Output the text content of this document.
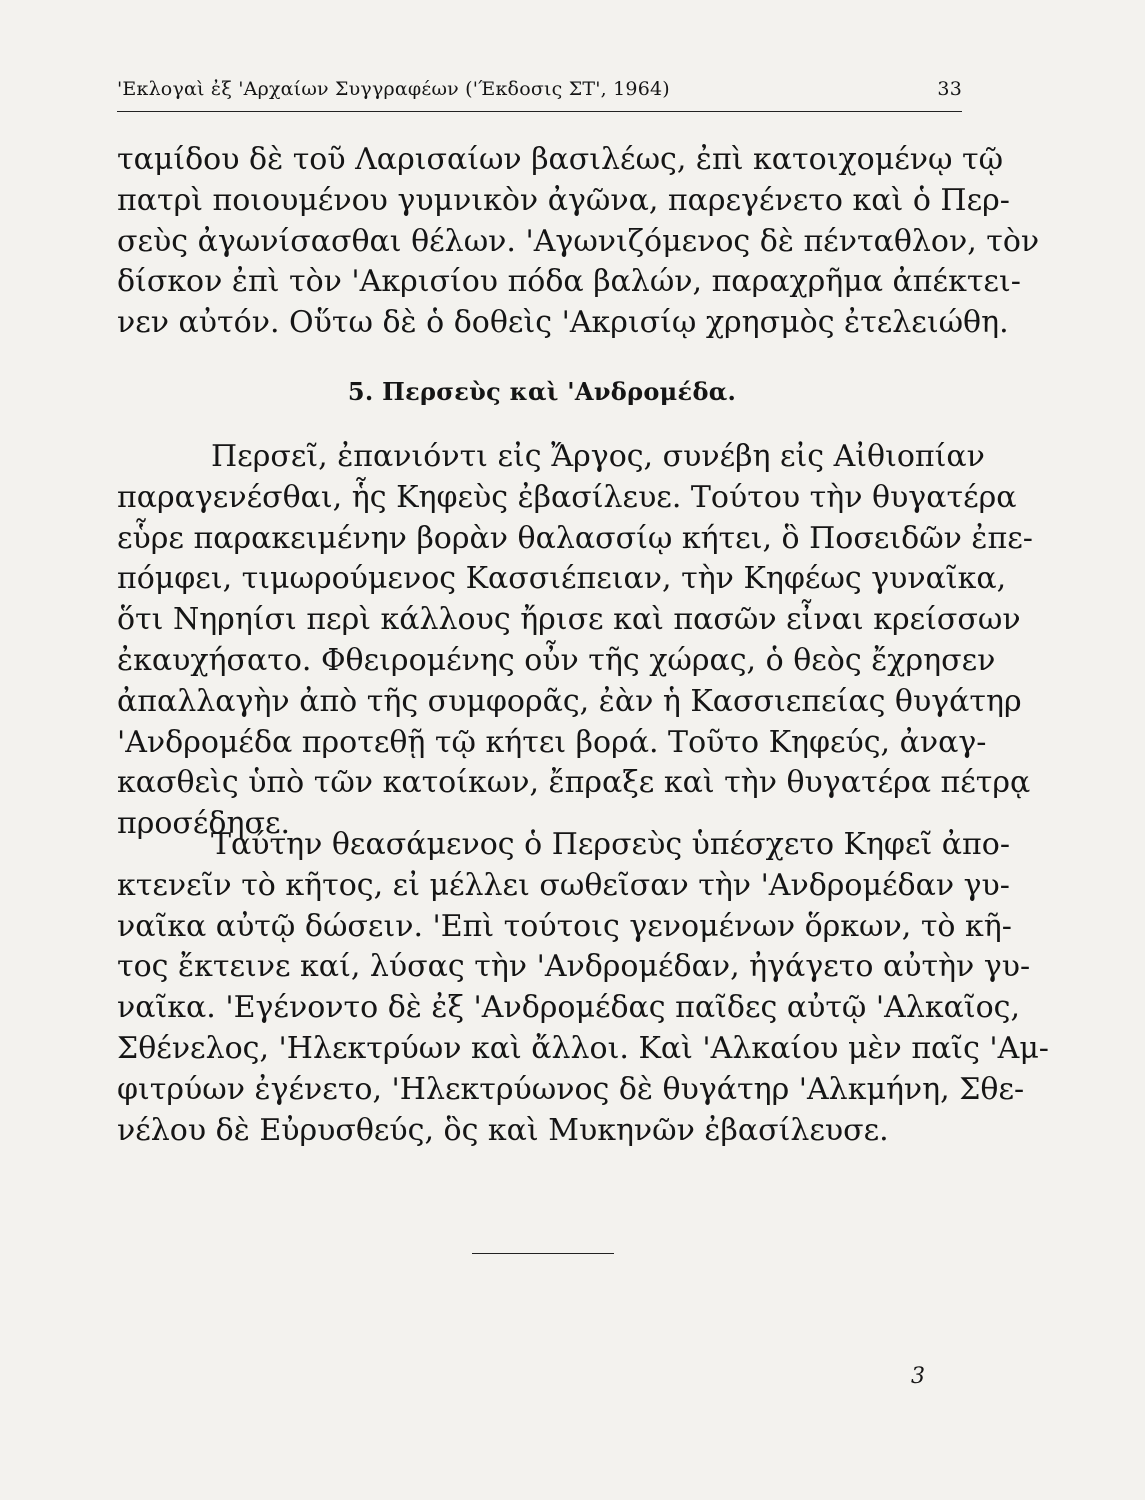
'Εκλογαὶ ἐξ 'Αρχαίων Συγγραφέων ('Έκδοσις ΣΤ', 1964)	33
ταμίδου δὲ τοῦ Λαρισαίων βασιλέως, ἐπὶ κατοιχομένῳ τῷ
πατρὶ ποιουμένου γυμνικὸν ἀγῶνα, παρεγένετο καὶ ὁ Περ-
σεὺς ἀγωνίσασθαι θέλων. 'Αγωνιζόμενος δὲ πένταθλον, τὸν
δίσκον ἐπὶ τὸν 'Ακρισίου πόδα βαλών, παραχρῆμα ἀπέκτει-
νεν αὐτόν. Οὕτω δὲ ὁ δοθεὶς 'Ακρισίῳ χρησμὸς ἐτελειώθη.
5. Περσεὺς καὶ 'Ανδρομέδα.
Περσεῖ, ἐπανιόντι εἰς Ἄργος, συνέβη εἰς Αἰθιοπίαν
παραγενέσθαι, ἧς Κηφεὺς ἐβασίλευε. Τούτου τὴν θυγατέρα
εὗρε παρακειμένην βορὰν θαλασσίῳ κήτει, ὃ Ποσειδῶν ἐπε-
πόμφει, τιμωρούμενος Κασσιέπειαν, τὴν Κηφέως γυναῖκα,
ὅτι Νηρηίσι περὶ κάλλους ἤρισε καὶ πασῶν εἶναι κρείσσων
ἐκαυχήσατο. Φθειρομένης οὖν τῆς χώρας, ὁ θεὸς ἔχρησεν
ἀπαλλαγὴν ἀπὸ τῆς συμφορᾶς, ἐὰν ἡ Κασσιεπείας θυγάτηρ
'Ανδρομέδα προτεθῇ τῷ κήτει βορά. Τοῦτο Κηφεύς, ἀναγ-
κασθεὶς ὑπὸ τῶν κατοίκων, ἔπραξε καὶ τὴν θυγατέρα πέτρᾳ
προσέδησε.
Ταύτην θεασάμενος ὁ Περσεὺς ὑπέσχετο Κηφεῖ ἀπο-
κτενεῖν τὸ κῆτος, εἰ μέλλει σωθεῖσαν τὴν 'Ανδρομέδαν γυ-
ναῖκα αὐτῷ δώσειν. 'Επὶ τούτοις γενομένων ὅρκων, τὸ κῆ-
τος ἔκτεινε καί, λύσας τὴν 'Ανδρομέδαν, ἠγάγετο αὐτὴν γυ-
ναῖκα. 'Εγένοντο δὲ ἐξ 'Ανδρομέδας παῖδες αὐτῷ 'Αλκαῖος,
Σθένελος, 'Ηλεκτρύων καὶ ἄλλοι. Καὶ 'Αλκαίου μὲν παῖς 'Αμ-
φιτρύων ἐγένετο, 'Ηλεκτρύωνος δὲ θυγάτηρ 'Αλκμήνη, Σθε-
νέλου δὲ Εὐρυσθεύς, ὃς καὶ Μυκηνῶν ἐβασίλευσε.
3
